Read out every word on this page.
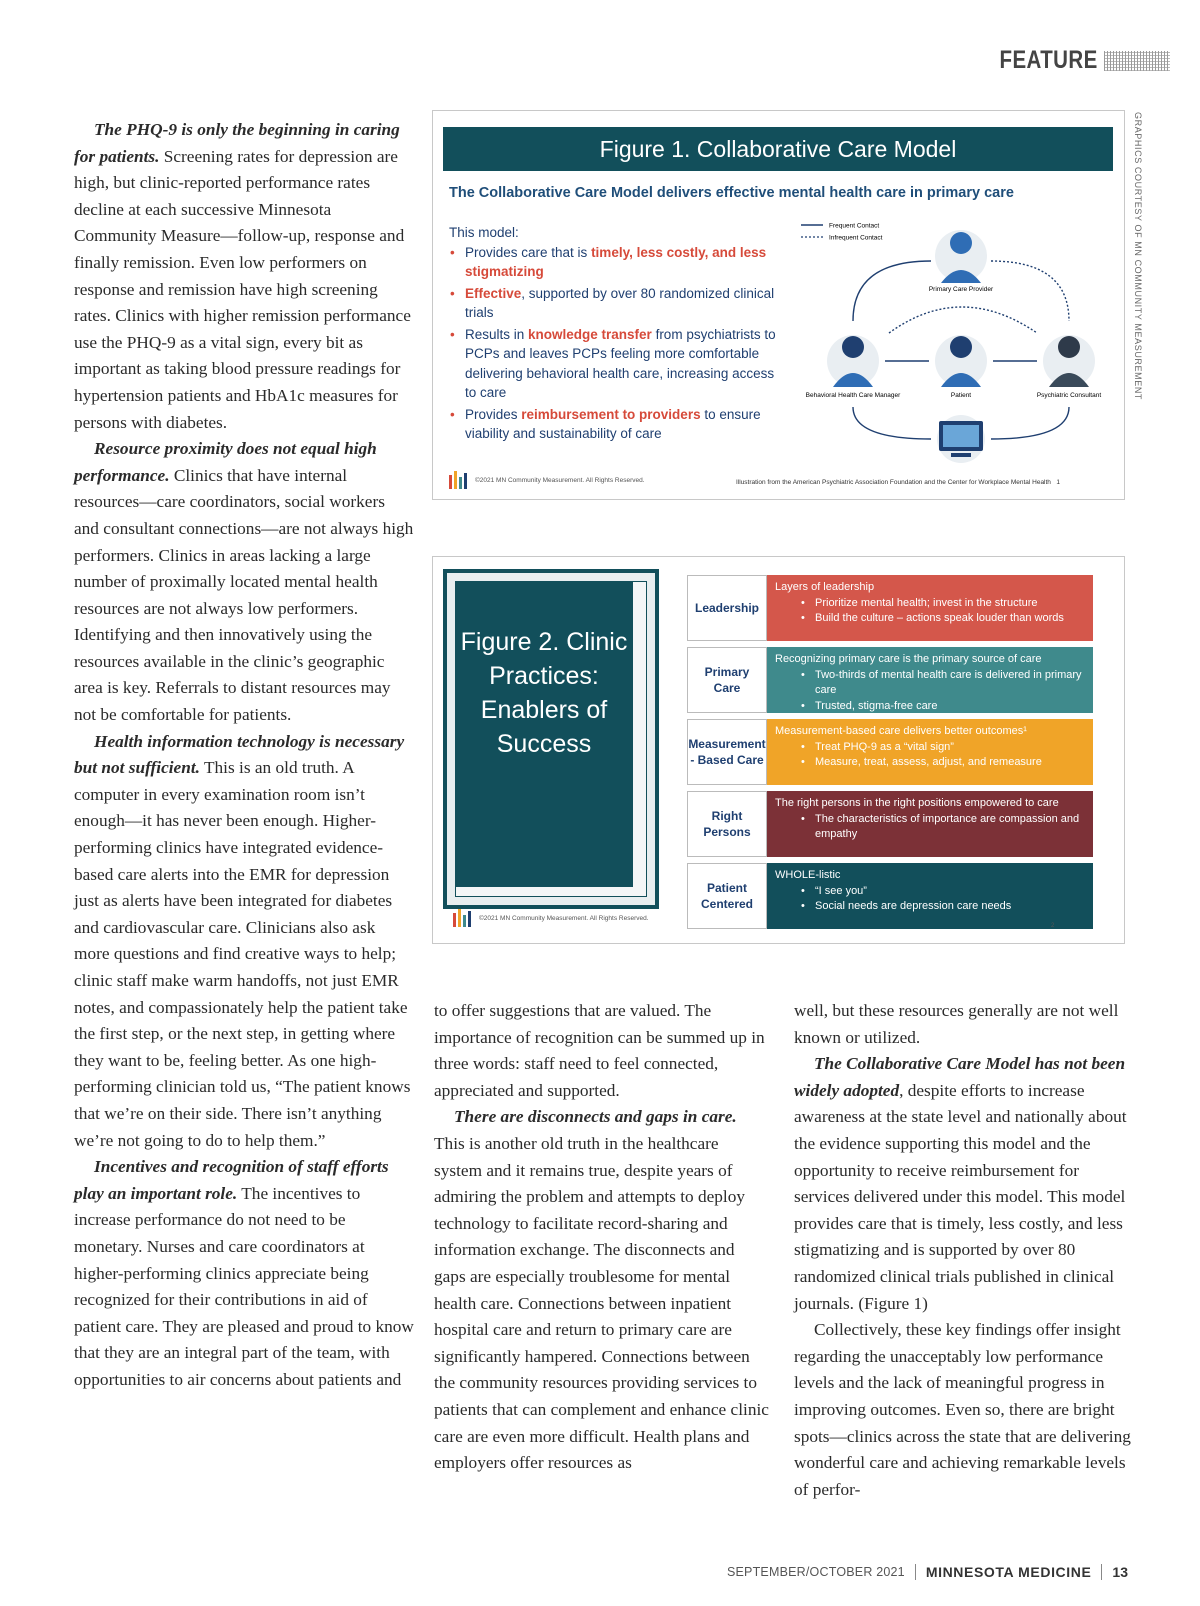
FEATURE
GRAPHICS COURTESY OF MN COMMUNITY MEASUREMENT

The PHQ-9 is only the beginning in caring for patients. Screening rates for depression are high, but clinic-reported performance rates decline at each successive Minnesota Community Measure—follow-up, response and finally remission. Even low performers on response and remission have high screening rates. Clinics with higher remission performance use the PHQ-9 as a vital sign, every bit as important as taking blood pressure readings for hypertension patients and HbA1c measures for persons with diabetes.

Resource proximity does not equal high performance. Clinics that have internal resources—care coordinators, social workers and consultant connections—are not always high performers. Clinics in areas lacking a large number of proximally located mental health resources are not always low performers. Identifying and then innovatively using the resources available in the clinic’s geographic area is key. Referrals to distant resources may not be comfortable for patients.

Health information technology is necessary but not sufficient. This is an old truth. A computer in every examination room isn’t enough—it has never been enough. Higher-performing clinics have integrated evidence-based care alerts into the EMR for depression just as alerts have been integrated for diabetes and cardiovascular care. Clinicians also ask more questions and find creative ways to help; clinic staff make warm handoffs, not just EMR notes, and compassionately help the patient take the first step, or the next step, in getting where they want to be, feeling better. As one high-performing clinician told us, “The patient knows that we’re on their side. There isn’t anything we’re not going to do to help them.”

Incentives and recognition of staff efforts play an important role. The incentives to increase performance do not need to be monetary. Nurses and care coordinators at higher-performing clinics appreciate being recognized for their contributions in aid of patient care. They are pleased and proud to know that they are an integral part of the team, with opportunities to air concerns about patients and

Figure 1. Collaborative Care Model
The Collaborative Care Model delivers effective mental health care in primary care
This model:
• Provides care that is timely, less costly, and less stigmatizing
• Effective, supported by over 80 randomized clinical trials
• Results in knowledge transfer from psychiatrists to PCPs and leaves PCPs feeling more comfortable delivering behavioral health care, increasing access to care
• Provides reimbursement to providers to ensure viability and sustainability of care
Frequent Contact
Infrequent Contact
Primary Care Provider
Behavioral Health Care Manager	Patient	Psychiatric Consultant
©2021 MN Community Measurement. All Rights Reserved.	Illustration from the American Psychiatric Association Foundation and the Center for Workplace Mental Health 1
Figure 2. Clinic Practices: Enablers of Success
Leadership
Layers of leadership
• Prioritize mental health; invest in the structure
• Build the culture – actions speak louder than words
Primary Care
Recognizing primary care is the primary source of care
• Two-thirds of mental health care is delivered in primary care
• Trusted, stigma-free care
Measurement - Based Care
Measurement-based care delivers better outcomes¹
• Treat PHQ-9 as a “vital sign”
• Measure, treat, assess, adjust, and remeasure
Right Persons
The right persons in the right positions empowered to care
• The characteristics of importance are compassion and empathy
Patient Centered
WHOLE-listic
• “I see you”
• Social needs are depression care needs
©2021 MN Community Measurement. All Rights Reserved.
2

to offer suggestions that are valued. The importance of recognition can be summed up in three words: staff need to feel connected, appreciated and supported.

There are disconnects and gaps in care. This is another old truth in the healthcare system and it remains true, despite years of admiring the problem and attempts to deploy technology to facilitate record-sharing and information exchange. The disconnects and gaps are especially troublesome for mental health care. Connections between inpatient hospital care and return to primary care are significantly hampered. Connections between the community resources providing services to patients that can complement and enhance clinic care are even more difficult. Health plans and employers offer resources as

well, but these resources generally are not well known or utilized.

The Collaborative Care Model has not been widely adopted, despite efforts to increase awareness at the state level and nationally about the evidence supporting this model and the opportunity to receive reimbursement for services delivered under this model. This model provides care that is timely, less costly, and less stigmatizing and is supported by over 80 randomized clinical trials published in clinical journals. (Figure 1)

Collectively, these key findings offer insight regarding the unacceptably low performance levels and the lack of meaningful progress in improving outcomes. Even so, there are bright spots—clinics across the state that are delivering wonderful care and achieving remarkable levels of perfor-

SEPTEMBER/OCTOBER 2021 MINNESOTA MEDICINE 13
